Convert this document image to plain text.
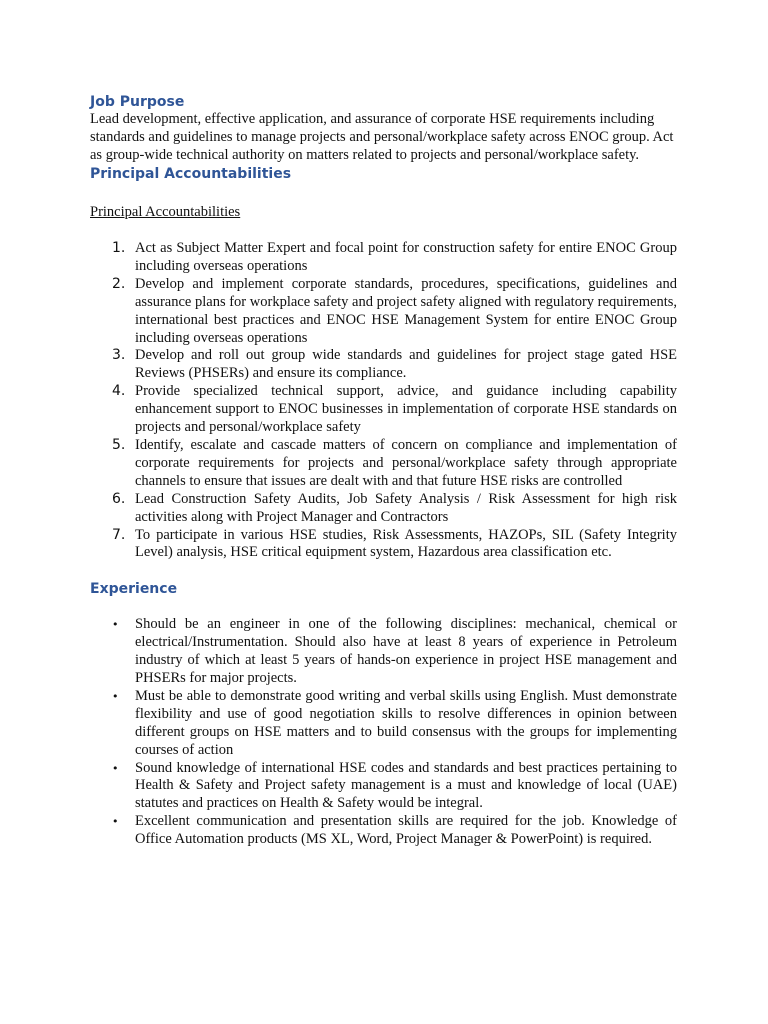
Job Purpose

Lead development, effective application, and assurance of corporate HSE requirements including standards and guidelines to manage projects and personal/workplace safety across ENOC group. Act as group-wide technical authority on matters related to projects and personal/workplace safety.

Principal Accountabilities

Principal Accountabilities

1. Act as Subject Matter Expert and focal point for construction safety for entire ENOC Group including overseas operations
2. Develop and implement corporate standards, procedures, specifications, guidelines and assurance plans for workplace safety and project safety aligned with regulatory requirements, international best practices and ENOC HSE Management System for entire ENOC Group including overseas operations
3. Develop and roll out group wide standards and guidelines for project stage gated HSE Reviews (PHSERs) and ensure its compliance.
4. Provide specialized technical support, advice, and guidance including capability enhancement support to ENOC businesses in implementation of corporate HSE standards on projects and personal/workplace safety
5. Identify, escalate and cascade matters of concern on compliance and implementation of corporate requirements for projects and personal/workplace safety through appropriate channels to ensure that issues are dealt with and that future HSE risks are controlled
6. Lead Construction Safety Audits, Job Safety Analysis / Risk Assessment for high risk activities along with Project Manager and Contractors
7. To participate in various HSE studies, Risk Assessments, HAZOPs, SIL (Safety Integrity Level) analysis, HSE critical equipment system, Hazardous area classification etc.
Experience
• Should be an engineer in one of the following disciplines: mechanical, chemical or electrical/Instrumentation. Should also have at least 8 years of experience in Petroleum industry of which at least 5 years of hands-on experience in project HSE management and PHSERs for major projects.
• Must be able to demonstrate good writing and verbal skills using English. Must demonstrate flexibility and use of good negotiation skills to resolve differences in opinion between different groups on HSE matters and to build consensus with the groups for implementing courses of action
• Sound knowledge of international HSE codes and standards and best practices pertaining to Health & Safety and Project safety management is a must and knowledge of local (UAE) statutes and practices on Health & Safety would be integral.
• Excellent communication and presentation skills are required for the job. Knowledge of Office Automation products (MS XL, Word, Project Manager & PowerPoint) is required.
